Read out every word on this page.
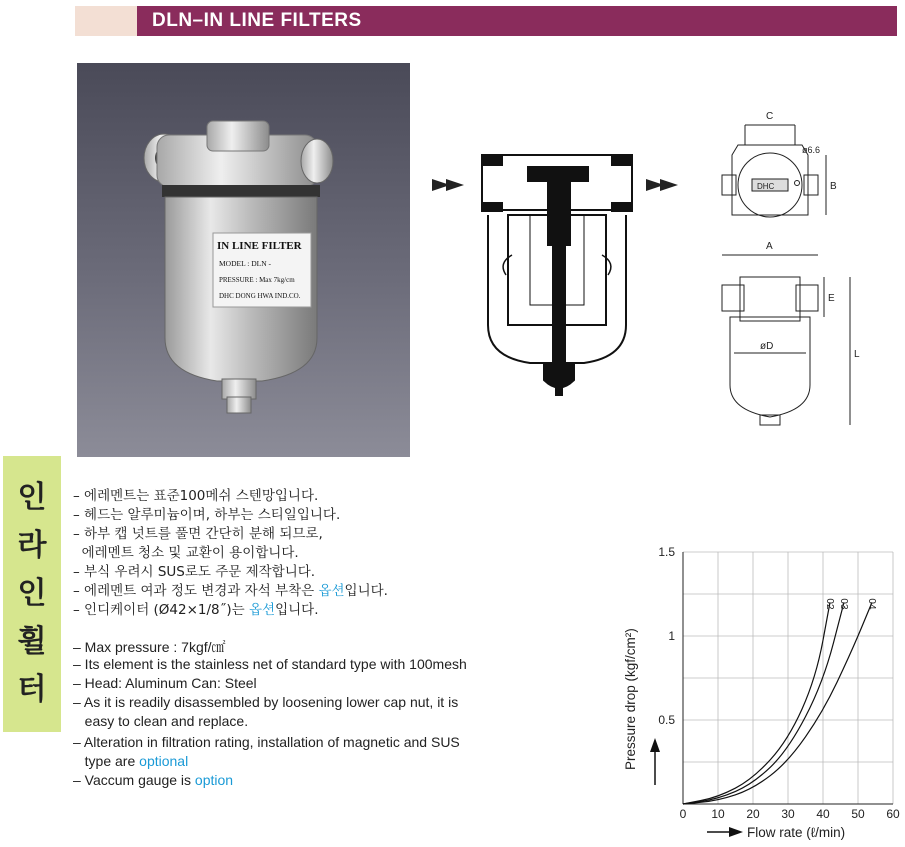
DLN–IN LINE FILTERS
IN LINE FILTER
MODEL : DLN -
PRESSURE : Max 7kg/cm
DHC DONG HWA IND.CO.
C
DHC	B
ø6.6
A
øD
E
L
인
라
인
휠
터
– 에레멘트는 표준100메쉬 스텐망입니다.
– 헤드는 알루미늄이며, 하부는 스티일입니다.
– 하부 캡 넛트를 풀면 간단히 분해 되므로,
에레멘트 청소 및 교환이 용이합니다.
– 부식 우려시 SUS로도 주문 제작합니다.
– 에레멘트 여과 정도 변경과 자석 부착은 옵션입니다.
– 인디케이터 (Ø42×1/8˝)는 옵션입니다.
– Max pressure : 7kgf/㎠
– Its element is the stainless net of standard type with 100mesh
– Head: Aluminum Can: Steel
– As it is readily disassembled by loosening lower cap nut, it is
easy to clean and replace.
– Alteration in filtration rating, installation of magnetic and SUS
type are optional
– Vaccum gauge is option
0 10 20 30 40 50 60
0.5
1
1.5
02 03 04
Pressure drop (kgf/cm²)
Flow rate (ℓ/min)
